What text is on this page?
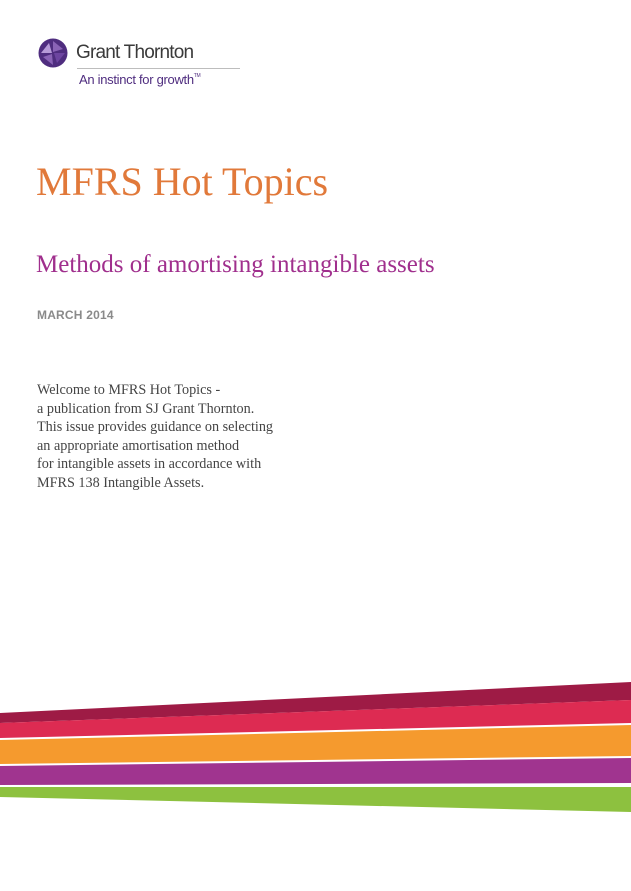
Grant Thornton
An instinct for growth™
MFRS Hot Topics
Methods of amortising intangible assets
MARCH 2014
Welcome to MFRS Hot Topics -
a publication from SJ Grant Thornton.
This issue provides guidance on selecting
an appropriate amortisation method
for intangible assets in accordance with
MFRS 138 Intangible Assets.
